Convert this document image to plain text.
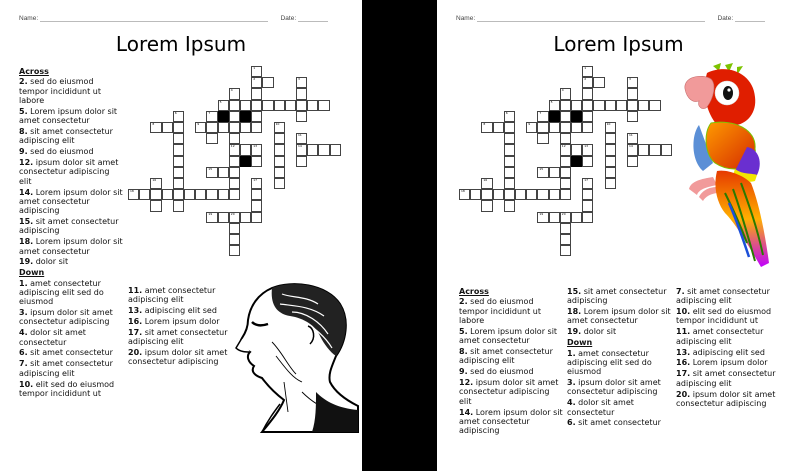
Name:	Date:
Lorem Ipsum
1
2	3
4
12
5
6	7
8	9	10
11
14
13
15
16	17
18
19	20
Across
2. sed do eiusmod tempor incididunt ut labore
5. Lorem ipsum dolor sit amet consectetur
8. sit amet consectetur adipiscing elit
9. sed do eiusmod
12. ipsum dolor sit amet consectetur adipiscing elit
14. Lorem ipsum dolor sit amet consectetur adipiscing
15. sit amet consectetur adipiscing
18. Lorem ipsum dolor sit amet consectetur
19. dolor sit
Down
1. amet consectetur adipiscing elit sed do eiusmod
3. ipsum dolor sit amet consectetur adipiscing
4. dolor sit amet consectetur
6. sit amet consectetur
7. sit amet consectetur adipiscing elit
10. elit sed do eiusmod tempor incididunt ut
11. amet consectetur adipiscing elit
13. adipiscing elit sed
16. Lorem ipsum dolor
17. sit amet consectetur adipiscing elit
20. ipsum dolor sit amet consectetur adipiscing
Name:	Date:
Lorem Ipsum
1
2	3
4
12
5
6	7
8	9	10
11
14
13
15
16	17
18
19	20
Across
2. sed do eiusmod tempor incididunt ut labore
5. Lorem ipsum dolor sit amet consectetur
8. sit amet consectetur adipiscing elit
9. sed do eiusmod
12. ipsum dolor sit amet consectetur adipiscing elit
14. Lorem ipsum dolor sit amet consectetur adipiscing
15. sit amet consectetur adipiscing
18. Lorem ipsum dolor sit amet consectetur
19. dolor sit
Down
1. amet consectetur adipiscing elit sed do eiusmod
3. ipsum dolor sit amet consectetur adipiscing
4. dolor sit amet consectetur
6. sit amet consectetur
7. sit amet consectetur adipiscing elit
10. elit sed do eiusmod tempor incididunt ut
11. amet consectetur adipiscing elit
13. adipiscing elit sed
16. Lorem ipsum dolor
17. sit amet consectetur adipiscing elit
20. ipsum dolor sit amet consectetur adipiscing
